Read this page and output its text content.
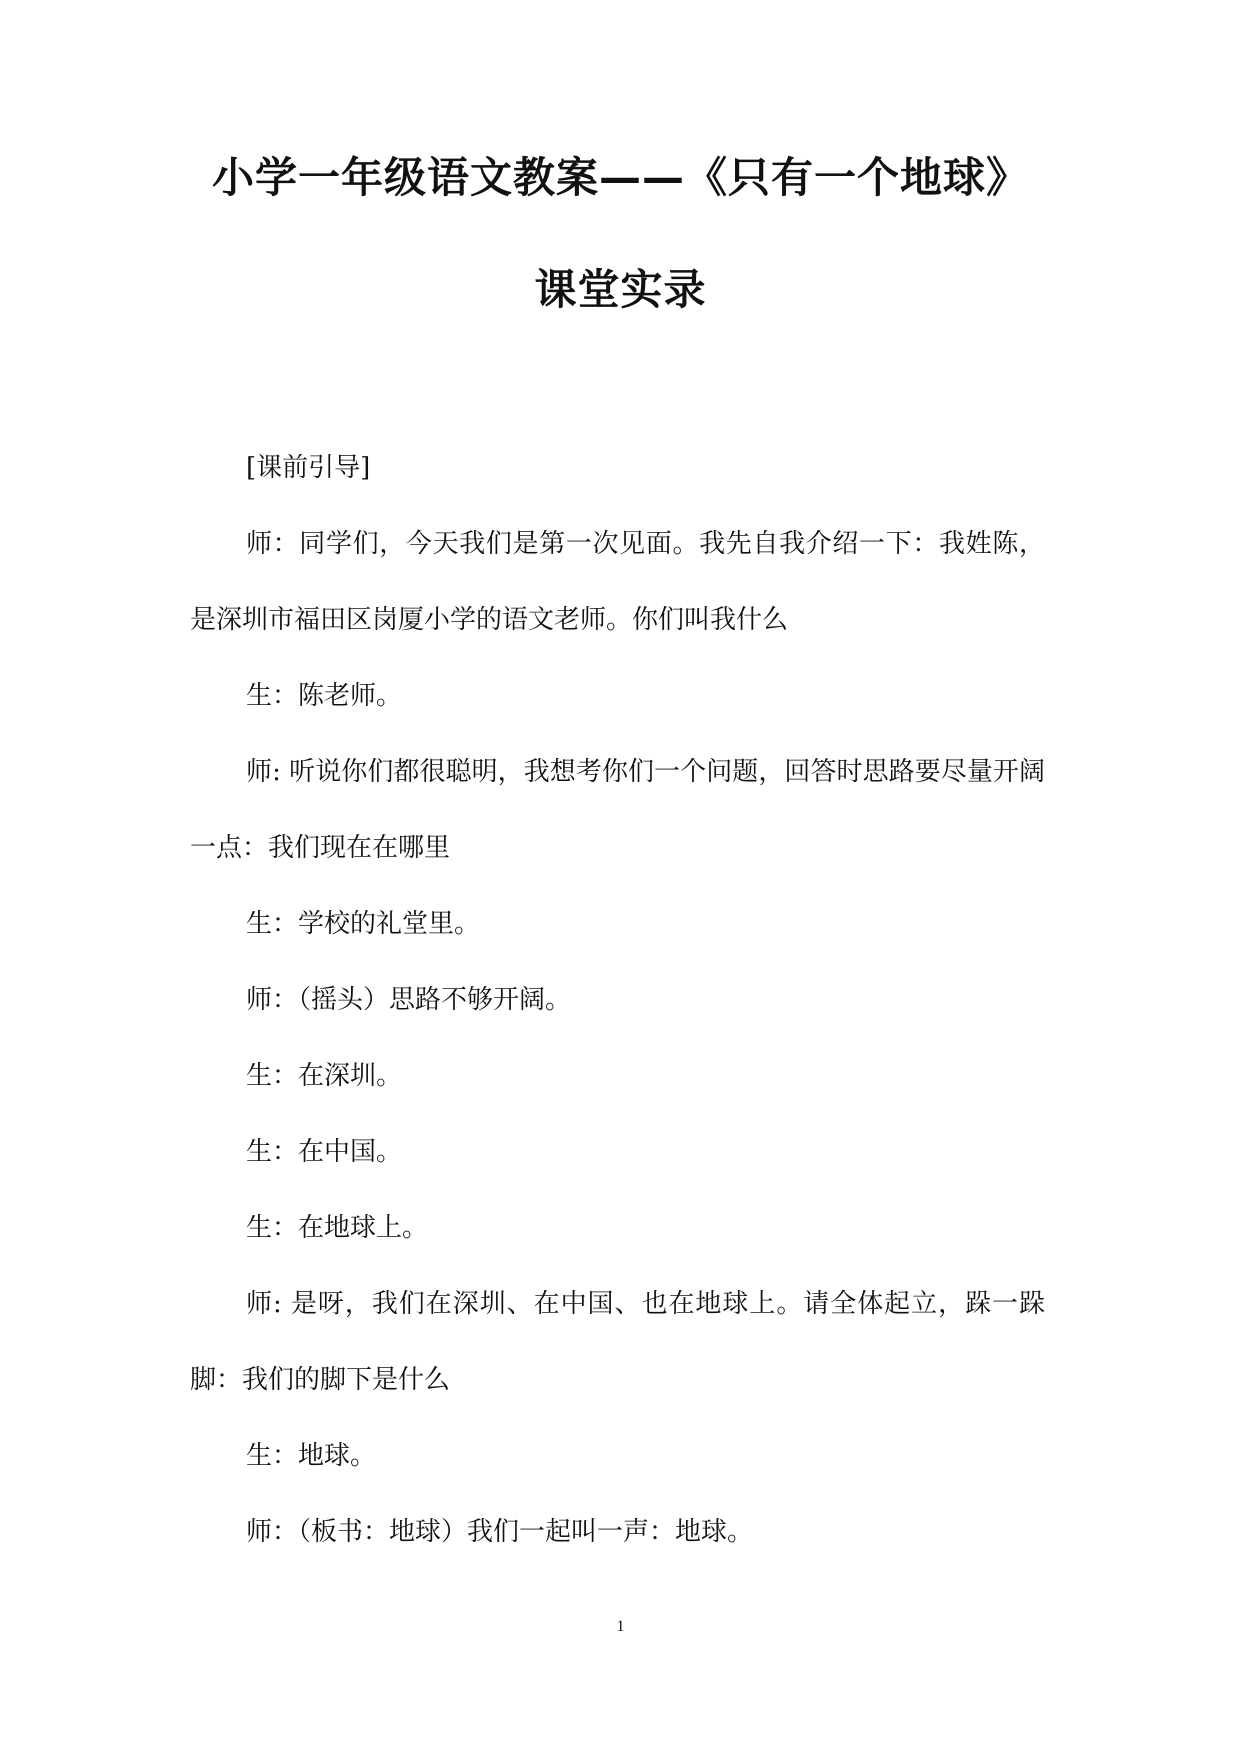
小学一年级语文教案——《只有一个地球》
课堂实录

[课前引导]

师：同学们，今天我们是第一次见面。我先自我介绍一下：我姓陈，是深圳市福田区岗厦小学的语文老师。你们叫我什么

生：陈老师。

师: 听说你们都很聪明，我想考你们一个问题，回答时思路要尽量开阔一点：我们现在在哪里

生：学校的礼堂里。

师：（摇头）思路不够开阔。

生：在深圳。

生：在中国。

生：在地球上。

师: 是呀，我们在深圳、在中国、也在地球上。请全体起立，跺一跺脚：我们的脚下是什么

生：地球。

师：（板书：地球）我们一起叫一声：地球。

1
